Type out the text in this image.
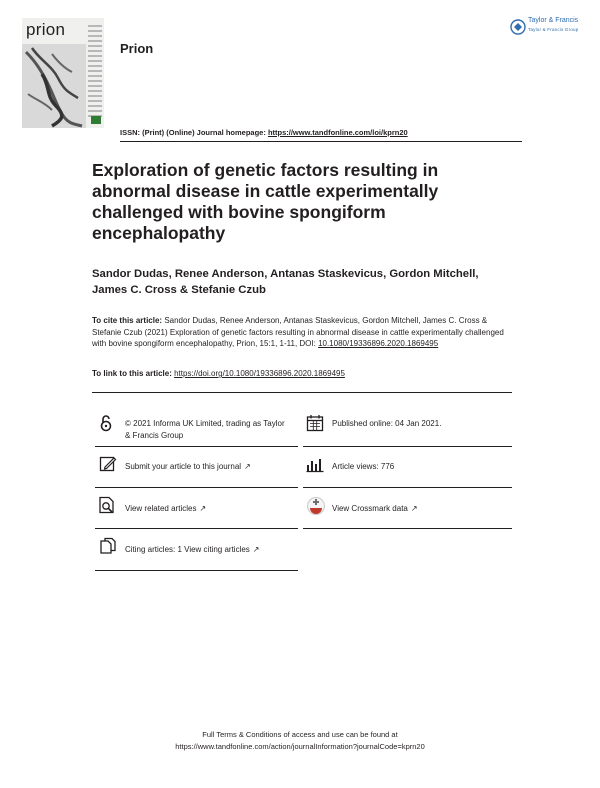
prion
Prion
Taylor & Francis
Taylor & Francis Group
ISSN: (Print) (Online) Journal homepage: https://www.tandfonline.com/loi/kprn20
Exploration of genetic factors resulting in abnormal disease in cattle experimentally challenged with bovine spongiform encephalopathy
Sandor Dudas, Renee Anderson, Antanas Staskevicus, Gordon Mitchell, James C. Cross & Stefanie Czub
To cite this article: Sandor Dudas, Renee Anderson, Antanas Staskevicus, Gordon Mitchell, James C. Cross & Stefanie Czub (2021) Exploration of genetic factors resulting in abnormal disease in cattle experimentally challenged with bovine spongiform encephalopathy, Prion, 15:1, 1-11, DOI: 10.1080/19336896.2020.1869495
To link to this article: https://doi.org/10.1080/19336896.2020.1869495
© 2021 Informa UK Limited, trading as Taylor & Francis Group
Submit your article to this journal ↗
View related articles ↗
Citing articles: 1 View citing articles ↗
Published online: 04 Jan 2021.
Article views: 776
View Crossmark data ↗
Full Terms & Conditions of access and use can be found at
https://www.tandfonline.com/action/journalInformation?journalCode=kprn20
